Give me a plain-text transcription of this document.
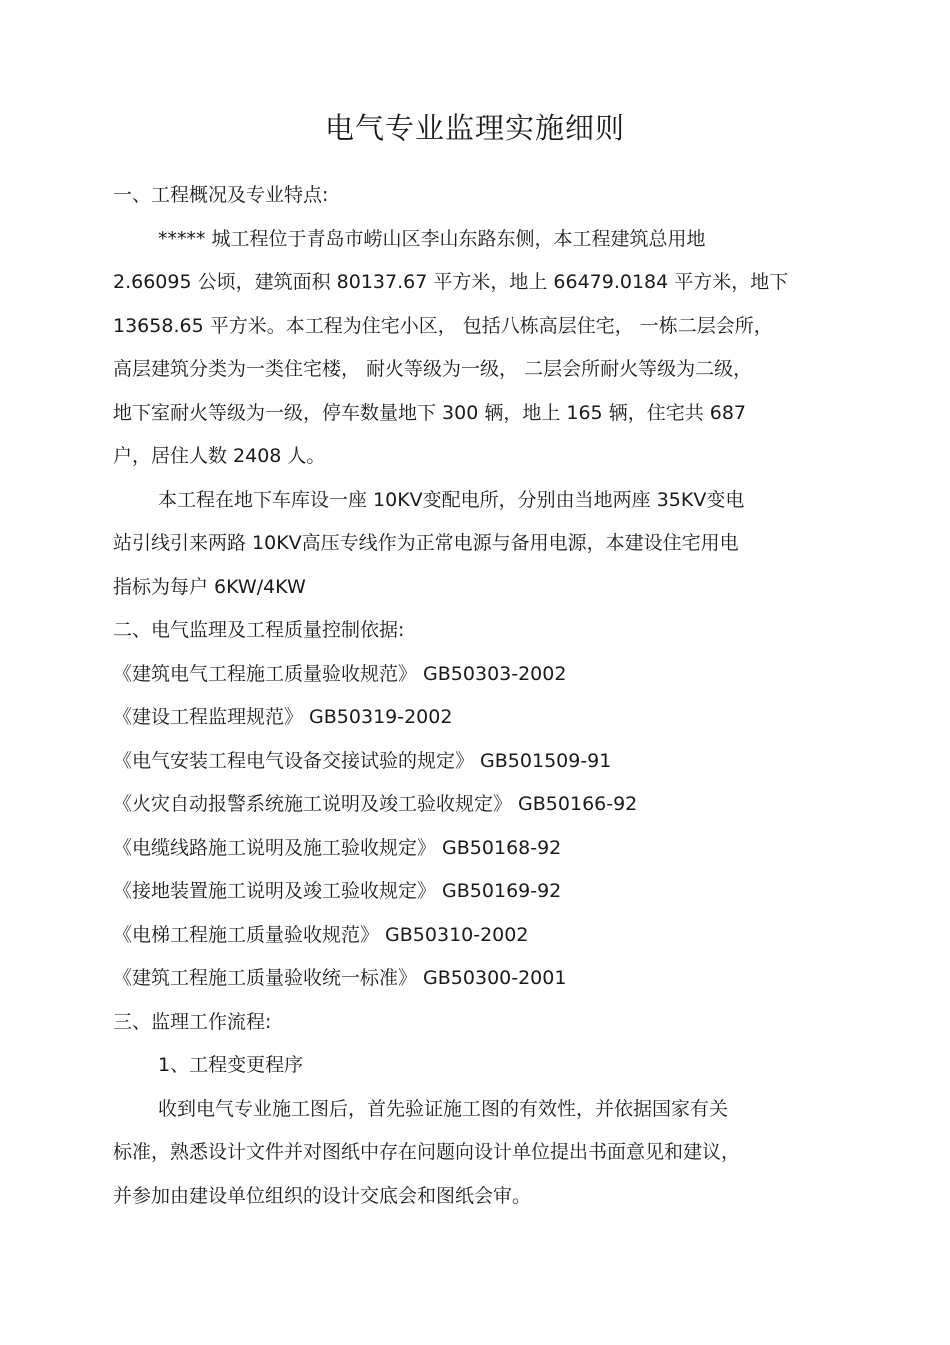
电气专业监理实施细则
一、工程概况及专业特点:
***** 城工程位于青岛市崂山区李山东路东侧，本工程建筑总用地
2.66095 公顷，建筑面积 80137.67 平方米，地上 66479.0184 平方米，地下
13658.65 平方米。本工程为住宅小区， 包括八栋高层住宅， 一栋二层会所，
高层建筑分类为一类住宅楼， 耐火等级为一级， 二层会所耐火等级为二级，
地下室耐火等级为一级，停车数量地下 300 辆，地上 165 辆，住宅共 687
户，居住人数 2408 人。
本工程在地下车库设一座 10KV变配电所，分别由当地两座 35KV变电
站引线引来两路 10KV高压专线作为正常电源与备用电源，本建设住宅用电
指标为每户 6KW/4KW
二、电气监理及工程质量控制依据:
《建筑电气工程施工质量验收规范》 GB50303-2002
《建设工程监理规范》 GB50319-2002
《电气安装工程电气设备交接试验的规定》 GB501509-91
《火灾自动报警系统施工说明及竣工验收规定》 GB50166-92
《电缆线路施工说明及施工验收规定》 GB50168-92
《接地装置施工说明及竣工验收规定》 GB50169-92
《电梯工程施工质量验收规范》 GB50310-2002
《建筑工程施工质量验收统一标准》 GB50300-2001
三、监理工作流程:
1、工程变更程序
收到电气专业施工图后，首先验证施工图的有效性，并依据国家有关
标准，熟悉设计文件并对图纸中存在问题向设计单位提出书面意见和建议，
并参加由建设单位组织的设计交底会和图纸会审。
